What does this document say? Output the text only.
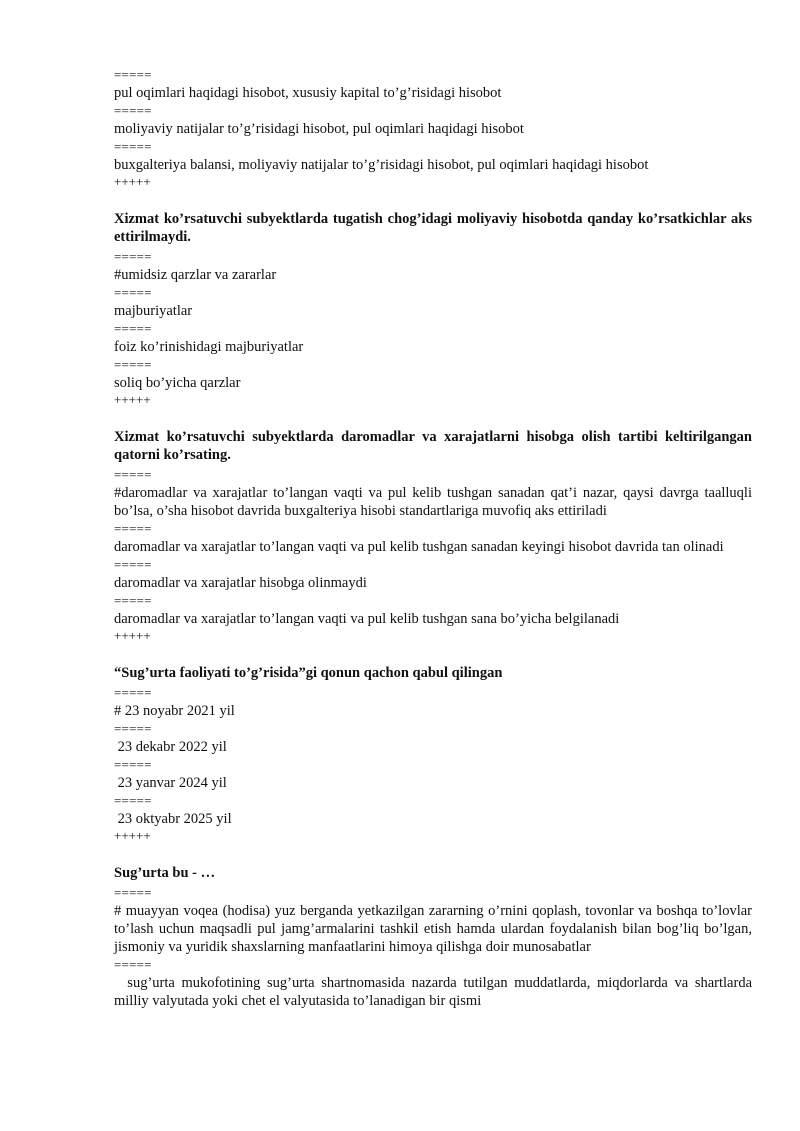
=====
pul oqimlari haqidagi hisobot, xususiy kapital to’g’risidagi hisobot
=====
moliyaviy natijalar to’g’risidagi hisobot, pul oqimlari haqidagi hisobot
=====
buxgalteriya balansi, moliyaviy natijalar to’g’risidagi hisobot, pul oqimlari haqidagi hisobot
+++++
Xizmat ko’rsatuvchi subyektlarda tugatish chog’idagi moliyaviy hisobotda qanday ko’rsatkichlar aks ettirilmaydi.
=====
#umidsiz qarzlar va zararlar
=====
majburiyatlar
=====
foiz ko’rinishidagi majburiyatlar
=====
soliq bo’yicha qarzlar
+++++
Xizmat ko’rsatuvchi subyektlarda daromadlar va xarajatlarni hisobga olish tartibi keltirilgangan qatorni ko’rsating.
=====
#daromadlar va xarajatlar to’langan vaqti va pul kelib tushgan sanadan qat’i nazar, qaysi davrga taalluqli bo’lsa, o’sha hisobot davrida buxgalteriya hisobi standartlariga muvofiq aks ettiriladi
=====
daromadlar va xarajatlar to’langan vaqti va pul kelib tushgan sanadan keyingi hisobot davrida tan olinadi
=====
daromadlar va xarajatlar hisobga olinmaydi
=====
daromadlar va xarajatlar to’langan vaqti va pul kelib tushgan sana bo’yicha belgilanadi
+++++
“Sug’urta faoliyati to’g’risida”gi qonun qachon qabul qilingan
=====
# 23 noyabr 2021 yil
=====
23 dekabr 2022 yil
=====
23 yanvar 2024 yil
=====
23 oktyabr 2025 yil
+++++
Sug’urta bu - …
=====
# muayyan voqea (hodisa) yuz berganda yetkazilgan zararning o’rnini qoplash, tovonlar va boshqa to’lovlar to’lash uchun maqsadli pul jamg’armalarini tashkil etish hamda ulardan foydalanish bilan bog’liq bo’lgan, jismoniy va yuridik shaxslarning manfaatlarini himoya qilishga doir munosabatlar
=====
sug’urta mukofotining sug’urta shartnomasida nazarda tutilgan muddatlarda, miqdorlarda va shartlarda milliy valyutada yoki chet el valyutasida to’lanadigan bir qismi
